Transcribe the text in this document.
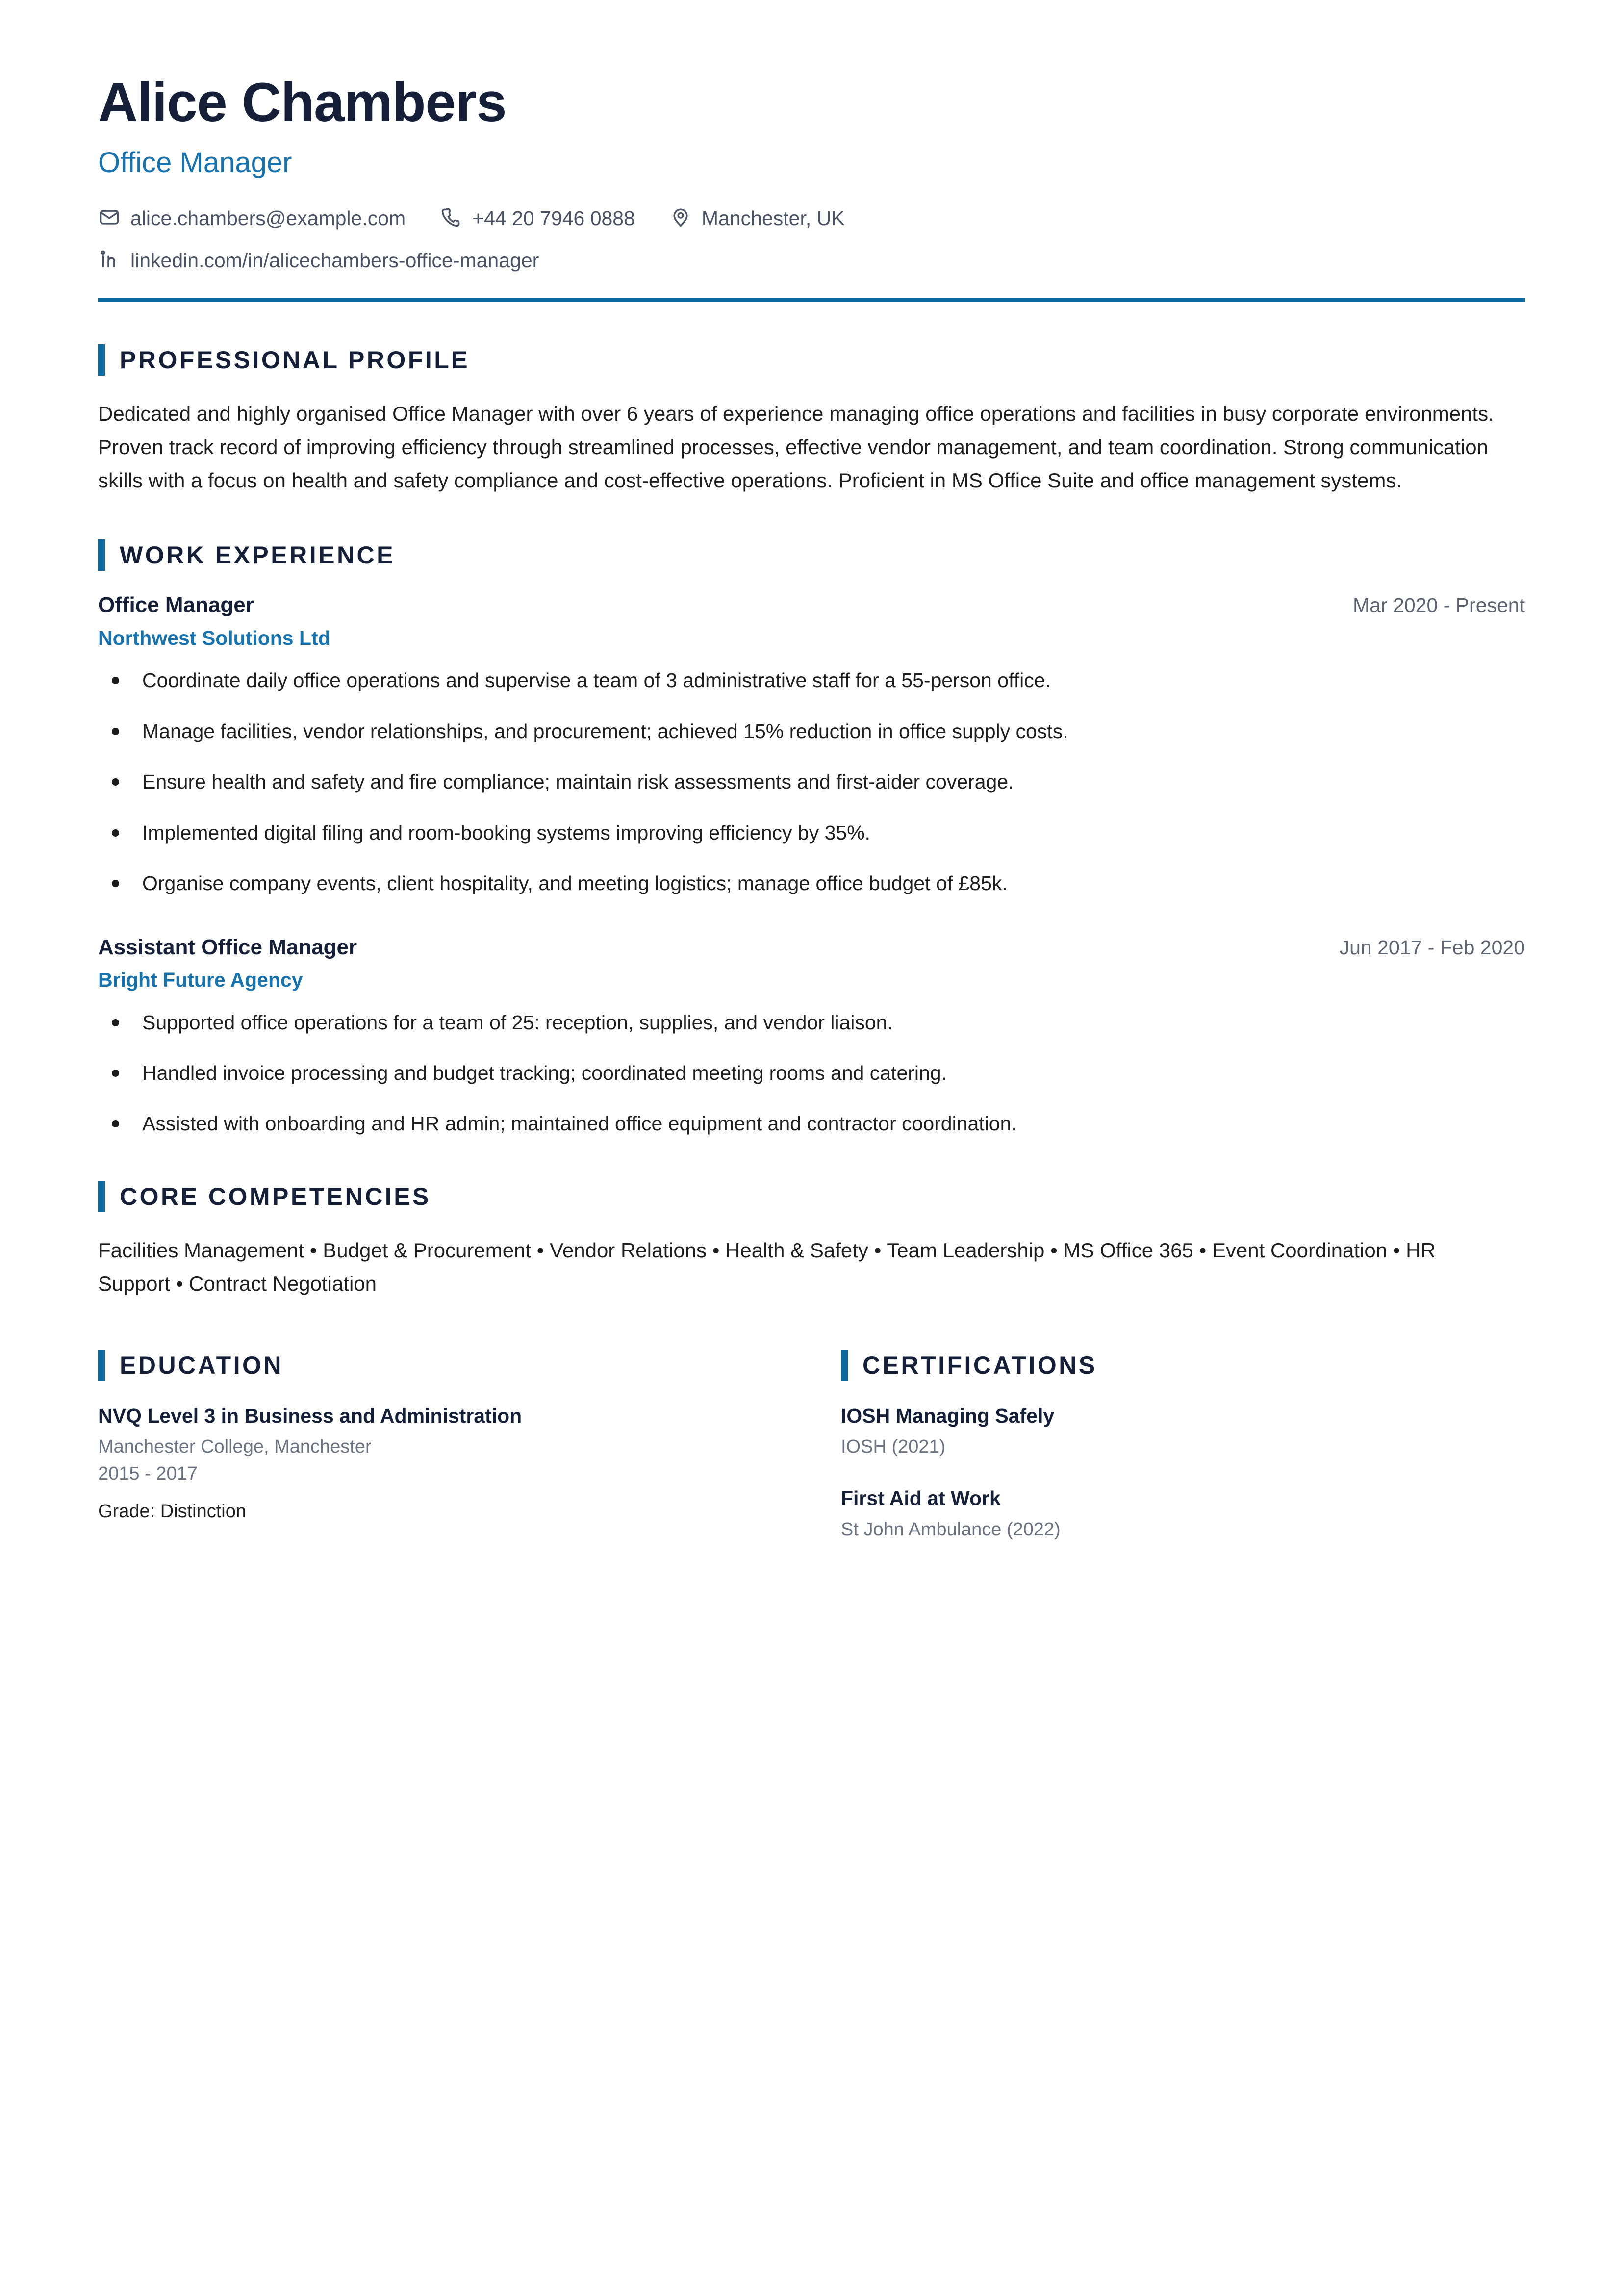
Alice Chambers
Office Manager
alice.chambers@example.com	+44 20 7946 0888	Manchester, UK
linkedin.com/in/alicechambers-office-manager
PROFESSIONAL PROFILE

Dedicated and highly organised Office Manager with over 6 years of experience managing office operations and facilities in busy corporate environments. Proven track record of improving efficiency through streamlined processes, effective vendor management, and team coordination. Strong communication skills with a focus on health and safety compliance and cost-effective operations. Proficient in MS Office Suite and office management systems.

WORK EXPERIENCE
Office Manager	Mar 2020 - Present
Northwest Solutions Ltd
Coordinate daily office operations and supervise a team of 3 administrative staff for a 55-person office.
Manage facilities, vendor relationships, and procurement; achieved 15% reduction in office supply costs.
Ensure health and safety and fire compliance; maintain risk assessments and first-aider coverage.
Implemented digital filing and room-booking systems improving efficiency by 35%.
Organise company events, client hospitality, and meeting logistics; manage office budget of £85k.
Assistant Office Manager	Jun 2017 - Feb 2020
Bright Future Agency
Supported office operations for a team of 25: reception, supplies, and vendor liaison.
Handled invoice processing and budget tracking; coordinated meeting rooms and catering.
Assisted with onboarding and HR admin; maintained office equipment and contractor coordination.
CORE COMPETENCIES
Facilities Management • Budget & Procurement • Vendor Relations • Health & Safety • Team Leadership • MS Office 365 • Event Coordination • HR Support • Contract Negotiation
EDUCATION
NVQ Level 3 in Business and Administration
Manchester College, Manchester
2015 - 2017
Grade: Distinction
CERTIFICATIONS
IOSH Managing Safely
IOSH (2021)
First Aid at Work
St John Ambulance (2022)
